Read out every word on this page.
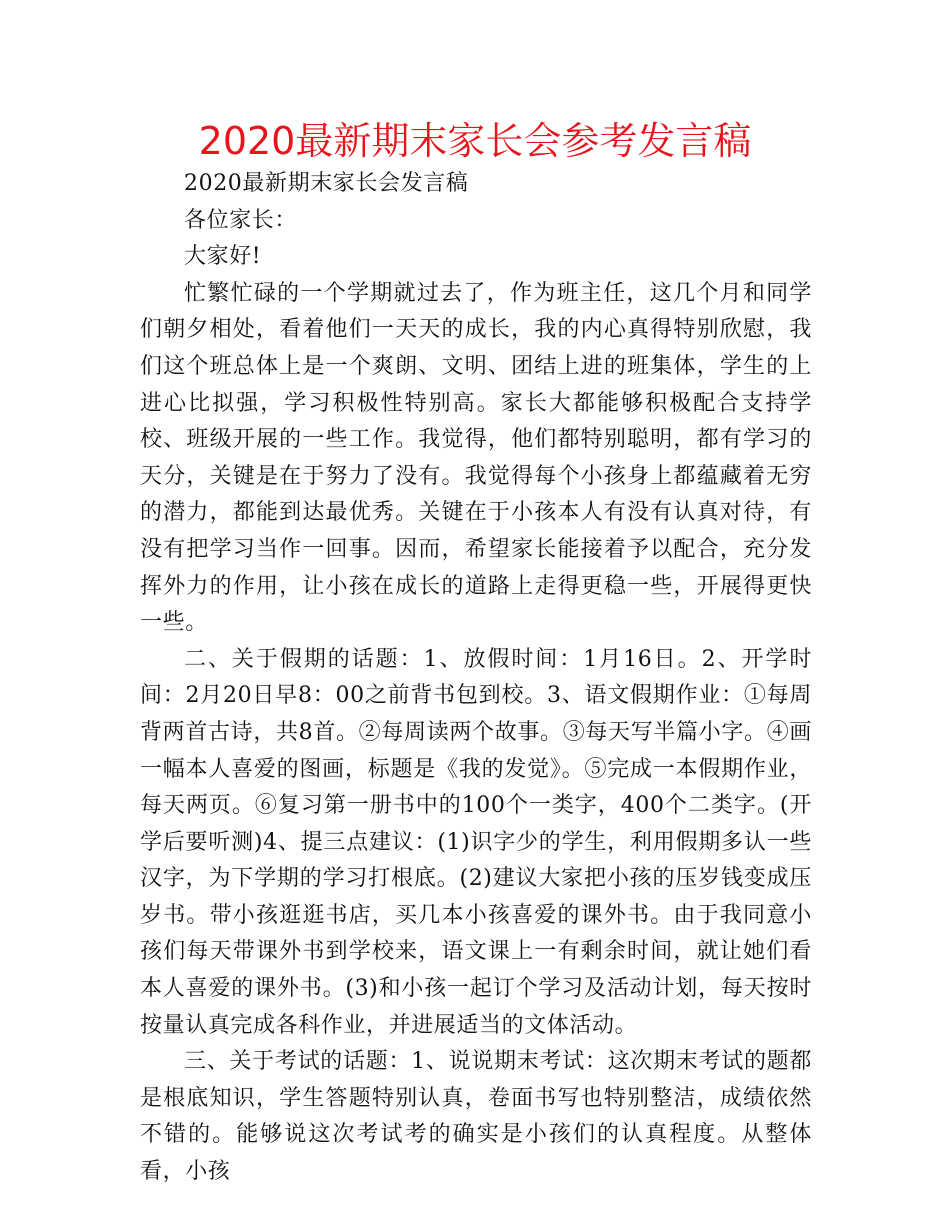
2020最新期末家长会参考发言稿

2020最新期末家长会发言稿

各位家长：

大家好!

忙繁忙碌的一个学期就过去了，作为班主任，这几个月和同学们朝夕相处，看着他们一天天的成长，我的内心真得特别欣慰，我们这个班总体上是一个爽朗、文明、团结上进的班集体，学生的上进心比拟强，学习积极性特别高。家长大都能够积极配合支持学校、班级开展的一些工作。我觉得，他们都特别聪明，都有学习的天分，关键是在于努力了没有。我觉得每个小孩身上都蕴藏着无穷的潜力，都能到达最优秀。关键在于小孩本人有没有认真对待，有没有把学习当作一回事。因而，希望家长能接着予以配合，充分发挥外力的作用，让小孩在成长的道路上走得更稳一些，开展得更快一些。

二、关于假期的话题：1、放假时间：1月16日。2、开学时间：2月20日早8：00之前背书包到校。3、语文假期作业：①每周背两首古诗，共8首。②每周读两个故事。③每天写半篇小字。④画一幅本人喜爱的图画，标题是《我的发觉》。⑤完成一本假期作业，每天两页。⑥复习第一册书中的100个一类字，400个二类字。(开学后要听测)4、提三点建议：(1)识字少的学生，利用假期多认一些汉字，为下学期的学习打根底。(2)建议大家把小孩的压岁钱变成压岁书。带小孩逛逛书店，买几本小孩喜爱的课外书。由于我同意小孩们每天带课外书到学校来，语文课上一有剩余时间，就让她们看本人喜爱的课外书。(3)和小孩一起订个学习及活动计划，每天按时按量认真完成各科作业，并进展适当的文体活动。

三、关于考试的话题：1、说说期末考试：这次期末考试的题都是根底知识，学生答题特别认真，卷面书写也特别整洁，成绩依然不错的。能够说这次考试考的确实是小孩们的认真程度。从整体看，小孩
